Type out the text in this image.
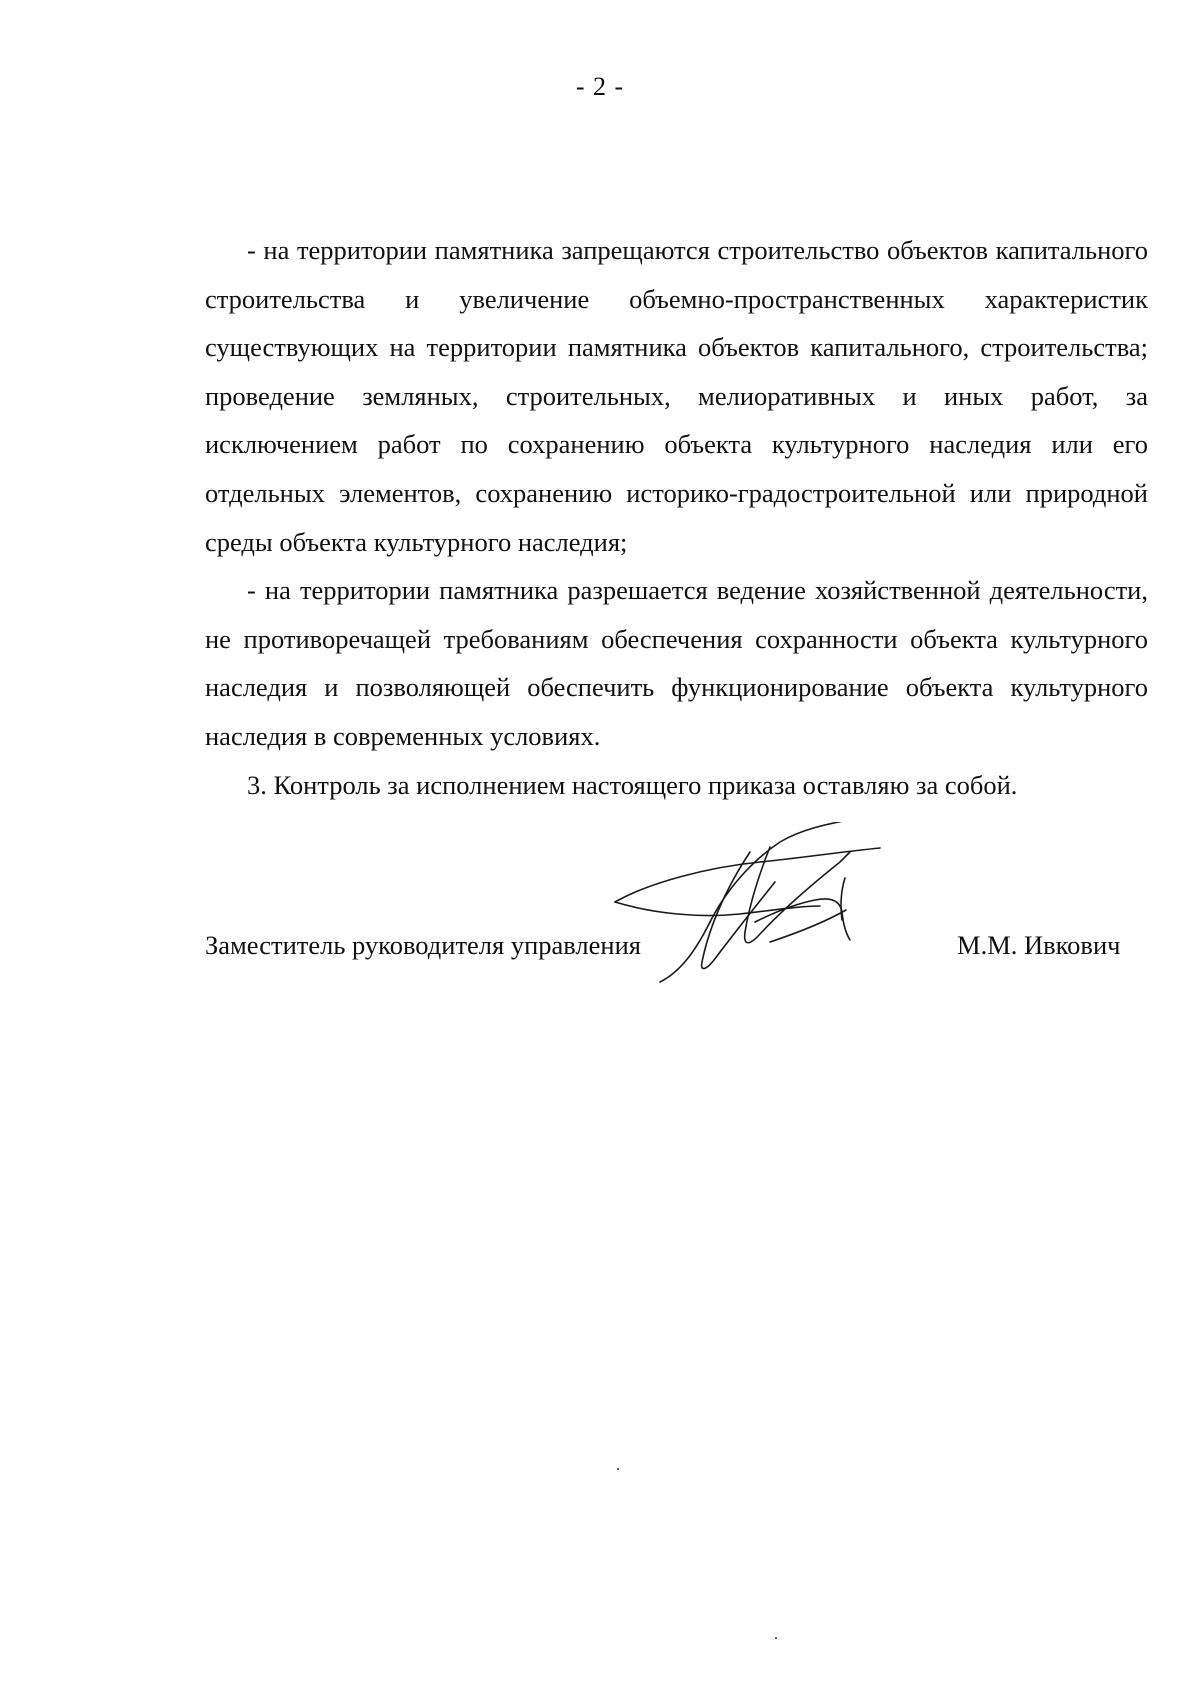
- 2 -

- на территории памятника запрещаются строительство объектов капитального строительства и увеличение объемно-пространственных характеристик существующих на территории памятника объектов капитального, строительства; проведение земляных, строительных, мелиоративных и иных работ, за исключением работ по сохранению объекта культурного наследия или его отдельных элементов, сохранению историко-градостроительной или природной среды объекта культурного наследия;

- на территории памятника разрешается ведение хозяйственной деятельности, не противоречащей требованиям обеспечения сохранности объекта культурного наследия и позволяющей обеспечить функционирование объекта культурного наследия в современных условиях.

3. Контроль за исполнением настоящего приказа оставляю за собой.

Заместитель руководителя управления	М.М. Ивкович
